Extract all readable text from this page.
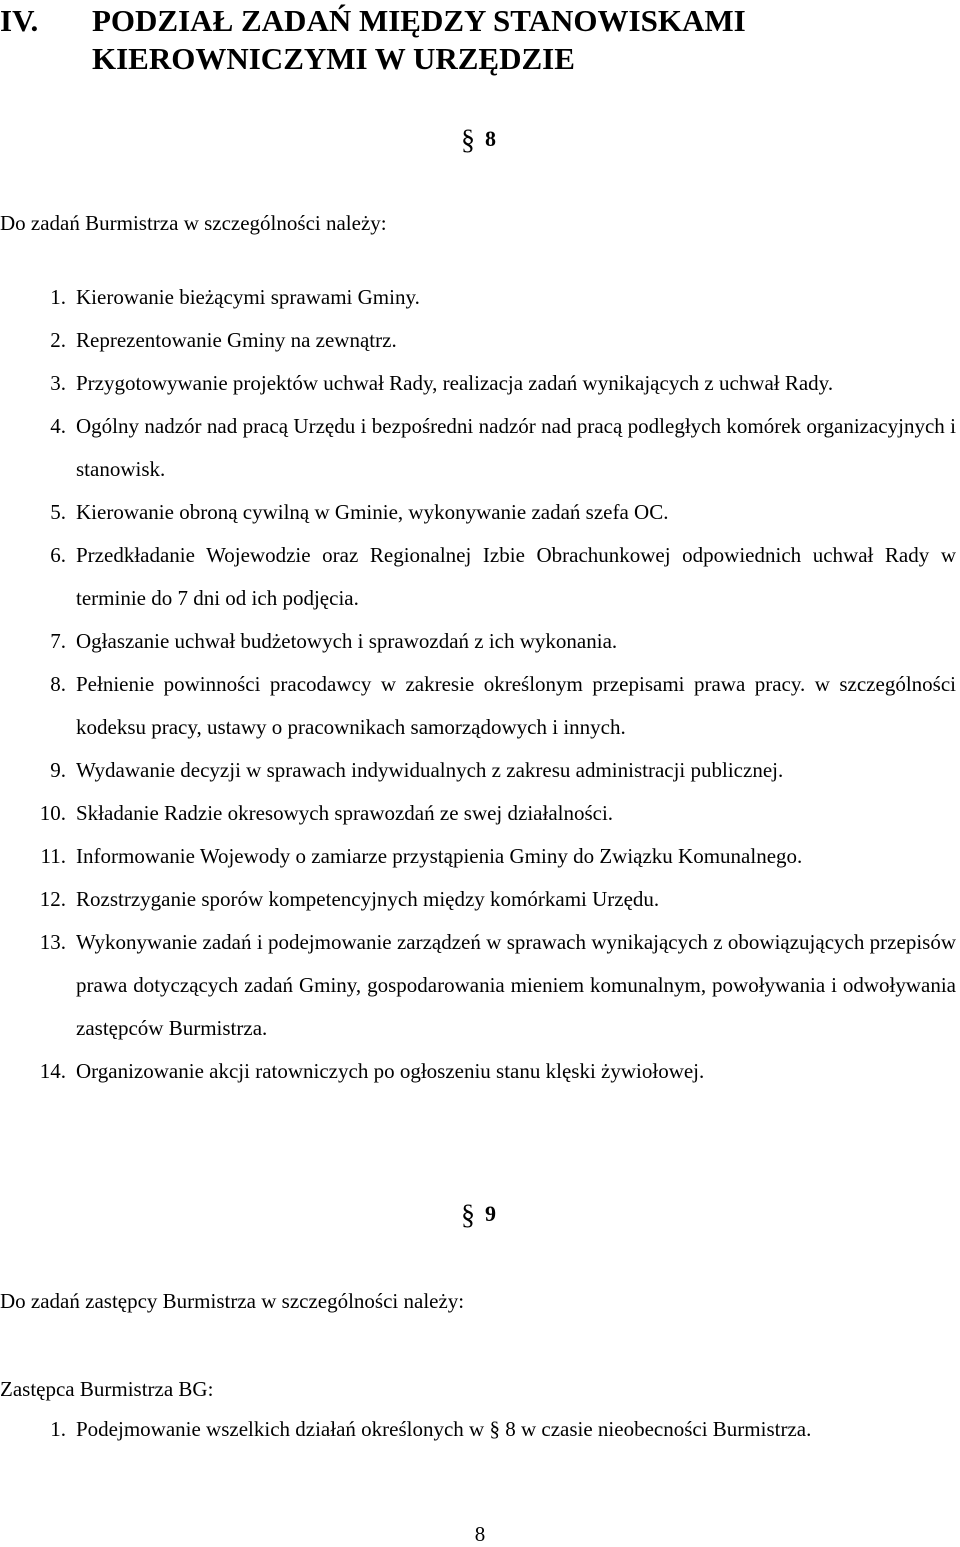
IV. PODZIAŁ ZADAŃ MIĘDZY STANOWISKAMI KIEROWNICZYMI W URZĘDZIE
§ 8
Do zadań Burmistrza w szczególności należy:
1. Kierowanie bieżącymi sprawami Gminy.
2. Reprezentowanie Gminy na zewnątrz.
3. Przygotowywanie projektów uchwał Rady, realizacja zadań wynikających z uchwał Rady.
4. Ogólny nadzór nad pracą Urzędu i bezpośredni nadzór nad pracą podległych komórek organizacyjnych i stanowisk.
5. Kierowanie obroną cywilną w Gminie, wykonywanie zadań szefa OC.
6. Przedkładanie Wojewodzie oraz Regionalnej Izbie Obrachunkowej odpowiednich uchwał Rady w terminie do 7 dni od ich podjęcia.
7. Ogłaszanie uchwał budżetowych i sprawozdań z ich wykonania.
8. Pełnienie powinności pracodawcy w zakresie określonym przepisami prawa pracy. w szczególności kodeksu pracy, ustawy o pracownikach samorządowych i innych.
9. Wydawanie decyzji w sprawach indywidualnych z zakresu administracji publicznej.
10. Składanie Radzie okresowych sprawozdań ze swej działalności.
11. Informowanie Wojewody o zamiarze przystąpienia Gminy do Związku Komunalnego.
12. Rozstrzyganie sporów kompetencyjnych między komórkami Urzędu.
13. Wykonywanie zadań i podejmowanie zarządzeń w sprawach wynikających z obowiązujących przepisów prawa dotyczących zadań Gminy, gospodarowania mieniem komunalnym, powoływania i odwoływania zastępców Burmistrza.
14. Organizowanie akcji ratowniczych po ogłoszeniu stanu klęski żywiołowej.
§ 9
Do zadań zastępcy Burmistrza w szczególności należy:
Zastępca Burmistrza BG:
1. Podejmowanie wszelkich działań określonych w § 8 w czasie nieobecności Burmistrza.
8
